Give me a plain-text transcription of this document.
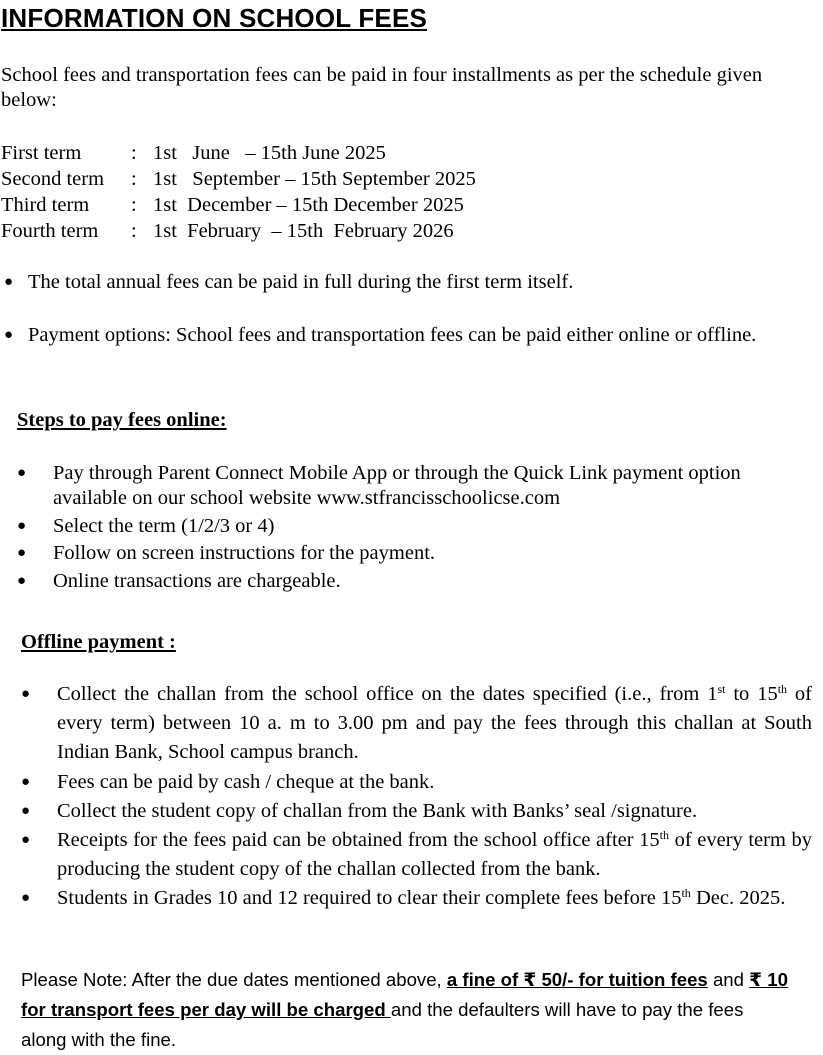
INFORMATION ON SCHOOL FEES

School fees and transportation fees can be paid in four installments as per the schedule given below:

First term	: 1st   June   – 15th June 2025
Second term	: 1st   September – 15th September 2025
Third term	: 1st  December – 15th December 2025
Fourth term	: 1st  February  – 15th  February 2026
● The total annual fees can be paid in full during the first term itself.
● Payment options: School fees and transportation fees can be paid either online or offline.
Steps to pay fees online:
●	Pay through Parent Connect Mobile App or through the Quick Link payment option available on our school website www.stfrancisschoolicse.com
●	Select the term (1/2/3 or 4)
●	Follow on screen instructions for the payment.
●	Online transactions are chargeable.
Offline payment :
●	Collect the challan from the school office on the dates specified (i.e., from 1st to 15th of every term) between 10 a. m to 3.00 pm and pay the fees through this challan at South Indian Bank, School campus branch.
●	Fees can be paid by cash / cheque at the bank.
●	Collect the student copy of challan from the Bank with Banks’ seal /signature.
●	Receipts for the fees paid can be obtained from the school office after 15th of every term by producing the student copy of the challan collected from the bank.
●	Students in Grades 10 and 12 required to clear their complete fees before 15th Dec. 2025.

Please Note: After the due dates mentioned above, a fine of ₹ 50/- for tuition fees and ₹ 10 for transport fees per day will be charged and the defaulters will have to pay the fees along with the fine.
